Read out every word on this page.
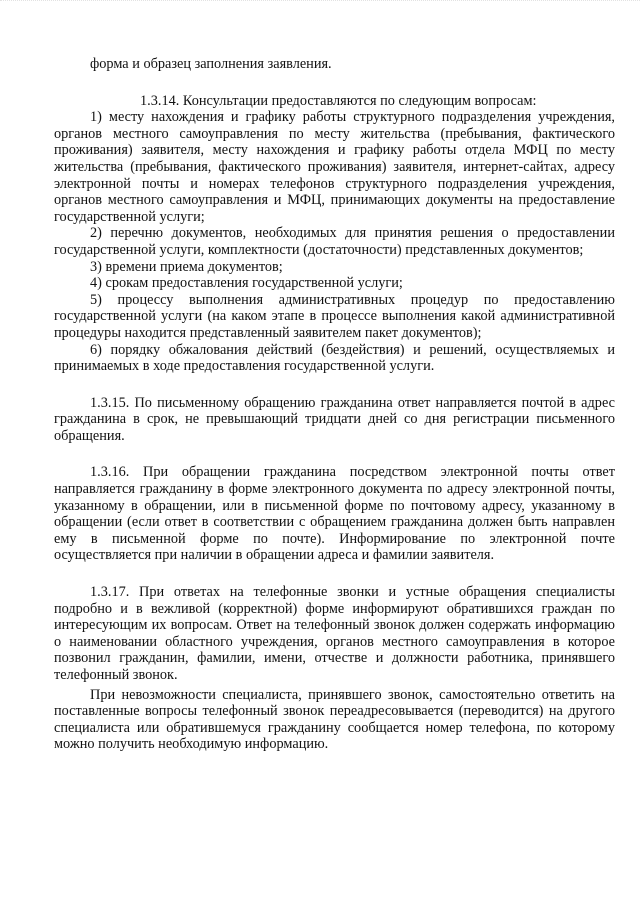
форма и образец заполнения заявления.

1.3.14. Консультации предоставляются по следующим вопросам:

1) месту нахождения и графику работы структурного подразделения учреждения, органов местного самоуправления по месту жительства (пребывания, фактического проживания) заявителя, месту нахождения и графику работы отдела МФЦ по месту жительства (пребывания, фактического проживания) заявителя, интернет-сайтах, адресу электронной почты и номерах телефонов структурного подразделения учреждения, органов местного самоуправления и МФЦ, принимающих документы на предоставление государственной услуги;

2) перечню документов, необходимых для принятия решения о предоставлении государственной услуги, комплектности (достаточности) представленных документов;

3) времени приема документов;

4) срокам предоставления государственной услуги;

5) процессу выполнения административных процедур по предоставлению государственной услуги (на каком этапе в процессе выполнения какой административной процедуры находится представленный заявителем пакет документов);

6) порядку обжалования действий (бездействия) и решений, осуществляемых и принимаемых в ходе предоставления государственной услуги.

1.3.15. По письменному обращению гражданина ответ направляется почтой в адрес гражданина в срок, не превышающий тридцати дней со дня регистрации письменного обращения.

1.3.16. При обращении гражданина посредством электронной почты ответ направляется гражданину в форме электронного документа по адресу электронной почты, указанному в обращении, или в письменной форме по почтовому адресу, указанному в обращении (если ответ в соответствии с обращением гражданина должен быть направлен ему в письменной форме по почте). Информирование по электронной почте осуществляется при наличии в обращении адреса и фамилии заявителя.

1.3.17. При ответах на телефонные звонки и устные обращения специалисты подробно и в вежливой (корректной) форме информируют обратившихся граждан по интересующим их вопросам. Ответ на телефонный звонок должен содержать информацию о наименовании областного учреждения, органов местного самоуправления в которое позвонил гражданин, фамилии, имени, отчестве и должности работника, принявшего телефонный звонок.

При невозможности специалиста, принявшего звонок, самостоятельно ответить на поставленные вопросы телефонный звонок переадресовывается (переводится) на другого специалиста или обратившемуся гражданину сообщается номер телефона, по которому можно получить необходимую информацию.
